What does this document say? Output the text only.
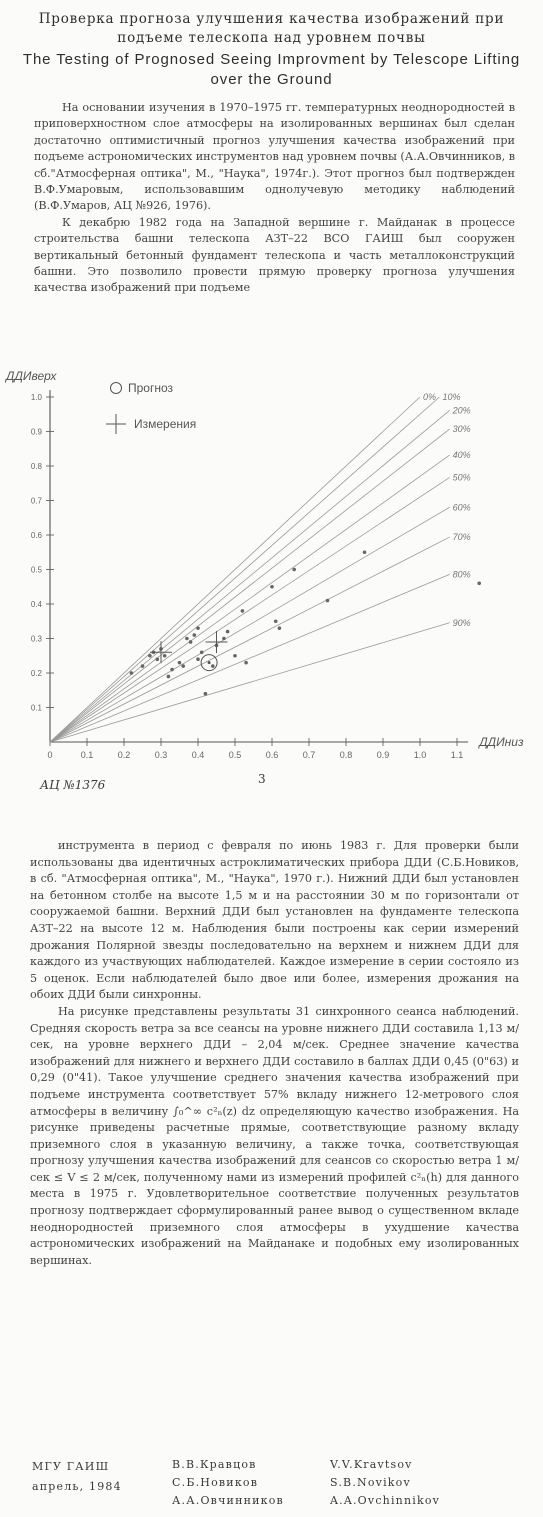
Проверка прогноза улучшения качества изображений при подъеме телескопа над уровнем почвы
The Testing of Prognosed Seeing Improvment by Telescope Lifting over the Ground
На основании изучения в 1970–1975 гг. температурных неоднородностей в приповерхностном слое атмосферы на изолированных вершинах был сделан достаточно оптимистичный прогноз улучшения качества изображений при подъеме астрономических инструментов над уровнем почвы (А.А.Овчинников, в сб."Атмосферная оптика", М., "Наука", 1974г.). Этот прогноз был подтвержден В.Ф.Умаровым, использовавшим однолучевую методику наблюдений (В.Ф.Умаров, АЦ №926, 1976).
К декабрю 1982 года на Западной вершине г. Майданак в процессе строительства башни телескопа АЗТ–22 ВСО ГАИШ был сооружен вертикальный бетонный фундамент телескопа и часть металлоконструкций башни. Это позволило провести прямую проверку прогноза улучшения качества изображений при подъеме
0	0.1	0.2	0.3	0.4	0.5	0.6	0.7	0.8	0.9	1.0	1.1
0.1
0.2
0.3
0.4
0.5
0.6
0.7
0.8
0.9
1.0
ДДИверх
ДДИниз
0% 10%
20%
30%
40%
50%
60%
70%
80%
90%
Прогноз
Измерения
АЦ №1376	3
инструмента в период с февраля по июнь 1983 г. Для проверки были использованы два идентичных астроклиматических прибора ДДИ (С.Б.Новиков, в сб. "Атмосферная оптика", М., "Наука", 1970 г.). Нижний ДДИ был установлен на бетонном столбе на высоте 1,5 м и на расстоянии 30 м по горизонтали от сооружаемой башни. Верхний ДДИ был установлен на фундаменте телескопа АЗТ–22 на высоте 12 м. Наблюдения были построены как серии измерений дрожания Полярной звезды последовательно на верхнем и нижнем ДДИ для каждого из участвующих наблюдателей. Каждое измерение в серии состояло из 5 оценок. Если наблюдателей было двое или более, измерения дрожания на обоих ДДИ были синхронны.
На рисунке представлены результаты 31 синхронного сеанса наблюдений. Средняя скорость ветра за все сеансы на уровне нижнего ДДИ составила 1,13 м/сек, на уровне верхнего ДДИ – 2,04 м/сек. Среднее значение качества изображений для нижнего и верхнего ДДИ составило в баллах ДДИ 0,45 (0"63) и 0,29 (0"41). Такое улучшение среднего значения качества изображений при подъеме инструмента соответствует 57% вкладу нижнего 12-метрового слоя атмосферы в величину ∫₀^∞ c²ₙ(z) dz определяющую качество изображения. На рисунке приведены расчетные прямые, соответствующие разному вкладу приземного слоя в указанную величину, а также точка, соответствующая прогнозу улучшения качества изображений для сеансов со скоростью ветра 1 м/сек ≤ V ≤ 2 м/сек, полученному нами из измерений профилей c²ₙ(h) для данного места в 1975 г. Удовлетворительное соответствие полученных результатов прогнозу подтверждает сформулированный ранее вывод о существенном вкладе неоднородностей приземного слоя атмосферы в ухудшение качества астрономических изображений на Майданаке и подобных ему изолированных вершинах.
МГУ ГАИШ
апрель, 1984
В.В.Кравцов
С.Б.Новиков
А.А.Овчинников
V.V.Kravtsov
S.B.Novikov
A.A.Ovchinnikov
